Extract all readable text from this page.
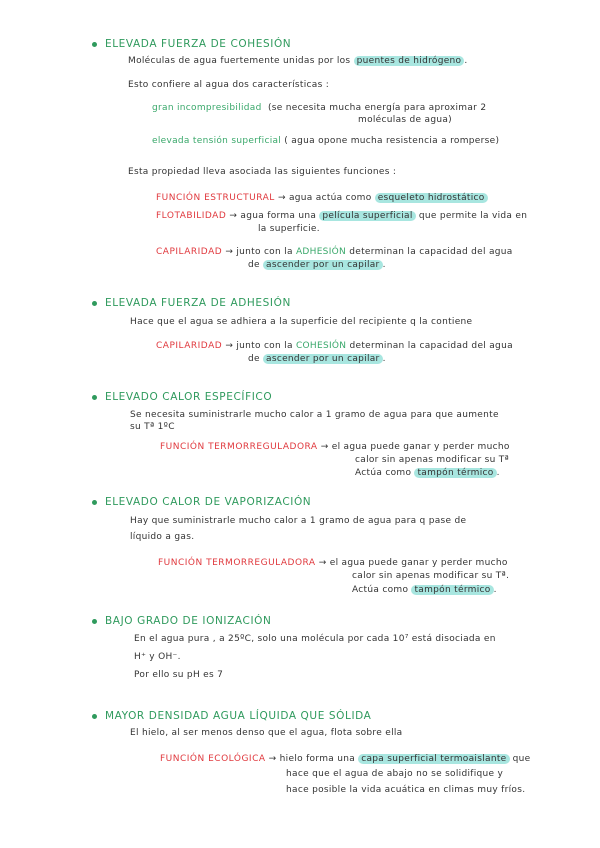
ELEVADA FUERZA DE COHESIÓN
Moléculas de agua fuertemente unidas por los puentes de hidrógeno .
Esto confiere al agua dos características :
gran incompresibilidad (se necesita mucha energía para aproximar 2
moléculas de agua)
elevada tensión superficial ( agua opone mucha resistencia a romperse)
Esta propiedad lleva asociada las siguientes funciones :
FUNCIÓN ESTRUCTURAL → agua actúa como esqueleto hidrostático
FLOTABILIDAD → agua forma una película superficial que permite la vida en
la superficie.
CAPILARIDAD → junto con la ADHESIÓN determinan la capacidad del agua
de ascender por un capilar .
ELEVADA FUERZA DE ADHESIÓN
Hace que el agua se adhiera a la superficie del recipiente q la contiene
CAPILARIDAD → junto con la COHESIÓN determinan la capacidad del agua
de ascender por un capilar .
ELEVADO CALOR ESPECÍFICO
Se necesita suministrarle mucho calor a 1 gramo de agua para que aumente
su Tª 1ºC
FUNCIÓN TERMORREGULADORA → el agua puede ganar y perder mucho
calor sin apenas modificar su Tª
Actúa como tampón térmico .
ELEVADO CALOR DE VAPORIZACIÓN
Hay que suministrarle mucho calor a 1 gramo de agua para q pase de
líquido a gas.
FUNCIÓN TERMORREGULADORA → el agua puede ganar y perder mucho
calor sin apenas modificar su Tª.
Actúa como tampón térmico .
BAJO GRADO DE IONIZACIÓN
En el agua pura , a 25ºC, solo una molécula por cada 10⁷ está disociada en
H⁺ y OH⁻.
Por ello su pH es 7
MAYOR DENSIDAD AGUA LÍQUIDA QUE SÓLIDA
El hielo, al ser menos denso que el agua, flota sobre ella
FUNCIÓN ECOLÓGICA → hielo forma una capa superficial termoaislante que
hace que el agua de abajo no se solidifique y
hace posible la vida acuática en climas muy fríos.
